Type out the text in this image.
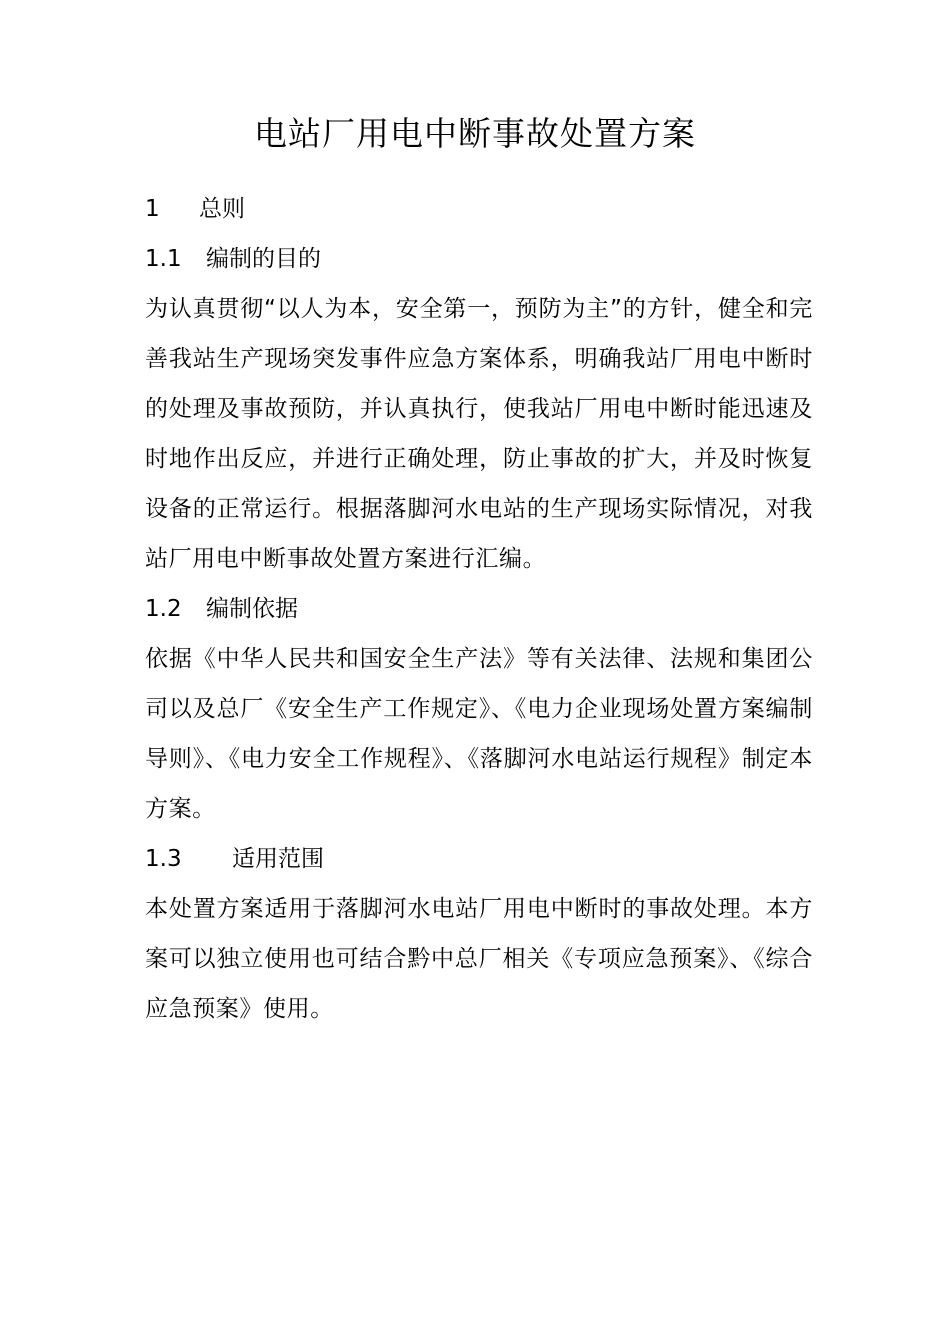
电站厂用电中断事故处置方案
1	总则
1.1	编制的目的

为认真贯彻“以人为本，安全第一，预防为主”的方针，健全和完善我站生产现场突发事件应急方案体系，明确我站厂用电中断时的处理及事故预防，并认真执行，使我站厂用电中断时能迅速及时地作出反应，并进行正确处理，防止事故的扩大，并及时恢复设备的正常运行。根据落脚河水电站的生产现场实际情况，对我站厂用电中断事故处置方案进行汇编。

1.2	编制依据

依据《中华人民共和国安全生产法》等有关法律、法规和集团公司以及总厂《安全生产工作规定》、《电力企业现场处置方案编制导则》、《电力安全工作规程》、《落脚河水电站运行规程》制定本方案。

1.3	适用范围

本处置方案适用于落脚河水电站厂用电中断时的事故处理。本方案可以独立使用也可结合黔中总厂相关《专项应急预案》、《综合应急预案》使用。
